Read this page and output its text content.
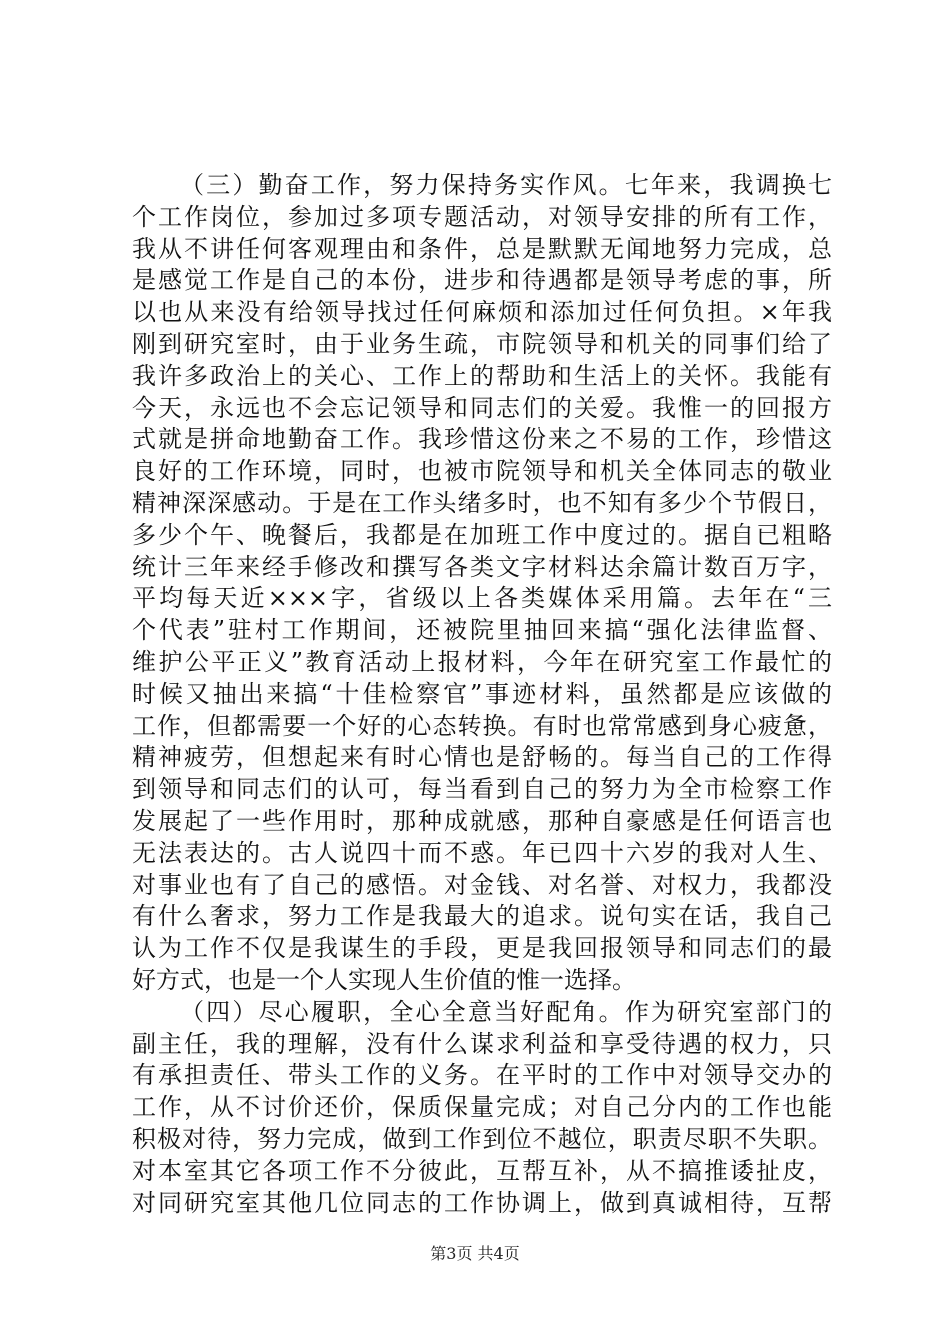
（三）勤奋工作，努力保持务实作风。七年来，我调换七
个工作岗位，参加过多项专题活动，对领导安排的所有工作，
我从不讲任何客观理由和条件，总是默默无闻地努力完成，总
是感觉工作是自己的本份，进步和待遇都是领导考虑的事，所
以也从来没有给领导找过任何麻烦和添加过任何负担。×年我
刚到研究室时，由于业务生疏，市院领导和机关的同事们给了
我许多政治上的关心、工作上的帮助和生活上的关怀。我能有
今天，永远也不会忘记领导和同志们的关爱。我惟一的回报方
式就是拼命地勤奋工作。我珍惜这份来之不易的工作，珍惜这
良好的工作环境，同时，也被市院领导和机关全体同志的敬业
精神深深感动。于是在工作头绪多时，也不知有多少个节假日，
多少个午、晚餐后，我都是在加班工作中度过的。据自已粗略
统计三年来经手修改和撰写各类文字材料达余篇计数百万字，
平均每天近×××字，省级以上各类媒体采用篇。去年在“三
个代表”驻村工作期间，还被院里抽回来搞“强化法律监督、
维护公平正义”教育活动上报材料，今年在研究室工作最忙的
时候又抽出来搞“十佳检察官”事迹材料，虽然都是应该做的
工作，但都需要一个好的心态转换。有时也常常感到身心疲惫，
精神疲劳，但想起来有时心情也是舒畅的。每当自己的工作得
到领导和同志们的认可，每当看到自己的努力为全市检察工作
发展起了一些作用时，那种成就感，那种自豪感是任何语言也
无法表达的。古人说四十而不惑。年已四十六岁的我对人生、
对事业也有了自己的感悟。对金钱、对名誉、对权力，我都没
有什么奢求，努力工作是我最大的追求。说句实在话，我自己
认为工作不仅是我谋生的手段，更是我回报领导和同志们的最
好方式，也是一个人实现人生价值的惟一选择。
（四）尽心履职，全心全意当好配角。作为研究室部门的
副主任，我的理解，没有什么谋求利益和享受待遇的权力，只
有承担责任、带头工作的义务。在平时的工作中对领导交办的
工作，从不讨价还价，保质保量完成；对自己分内的工作也能
积极对待，努力完成，做到工作到位不越位，职责尽职不失职。
对本室其它各项工作不分彼此，互帮互补，从不搞推诿扯皮，
对同研究室其他几位同志的工作协调上，做到真诚相待，互帮
第3页 共4页
